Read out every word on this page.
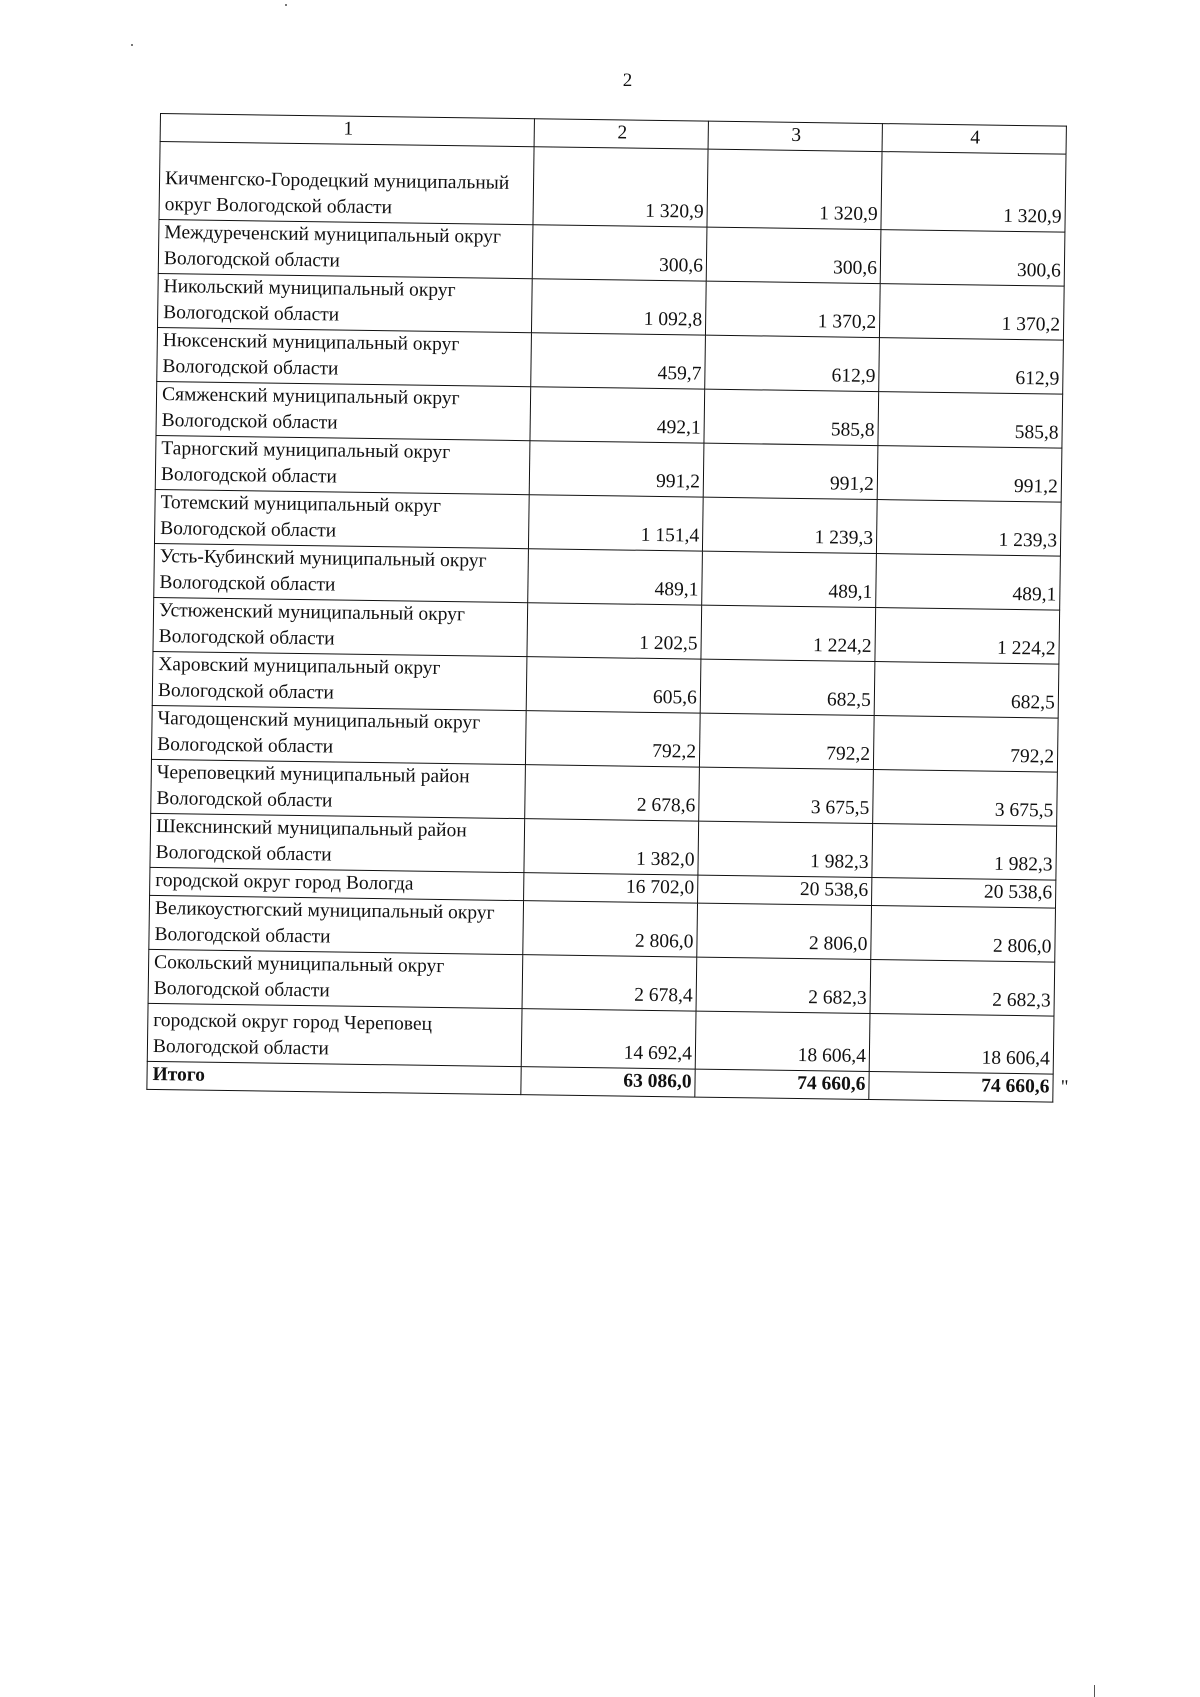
2
1	2	3	4
Кичменгско-Городецкий муниципальный округ Вологодской области	1 320,9	1 320,9	1 320,9
Междуреченский муниципальный округ Вологодской области	300,6	300,6	300,6
Никольский муниципальный округ Вологодской области	1 092,8	1 370,2	1 370,2
Нюксенский муниципальный округ Вологодской области	459,7	612,9	612,9
Сямженский муниципальный округ Вологодской области	492,1	585,8	585,8
Тарногский муниципальный округ Вологодской области	991,2	991,2	991,2
Тотемский муниципальный округ Вологодской области	1 151,4	1 239,3	1 239,3
Усть-Кубинский муниципальный округ Вологодской области	489,1	489,1	489,1
Устюженский муниципальный округ Вологодской области	1 202,5	1 224,2	1 224,2
Харовский муниципальный округ Вологодской области	605,6	682,5	682,5
Чагодощенский муниципальный округ Вологодской области	792,2	792,2	792,2
Череповецкий муниципальный район Вологодской области	2 678,6	3 675,5	3 675,5
Шекснинский муниципальный район Вологодской области	1 382,0	1 982,3	1 982,3
городской округ город Вологда	16 702,0	20 538,6	20 538,6
Великоустюгский муниципальный округ Вологодской области	2 806,0	2 806,0	2 806,0
Сокольский муниципальный округ Вологодской области	2 678,4	2 682,3	2 682,3
городской округ город Череповец Вологодской области	14 692,4	18 606,4	18 606,4
Итого	63 086,0	74 660,6	74 660,6 "
